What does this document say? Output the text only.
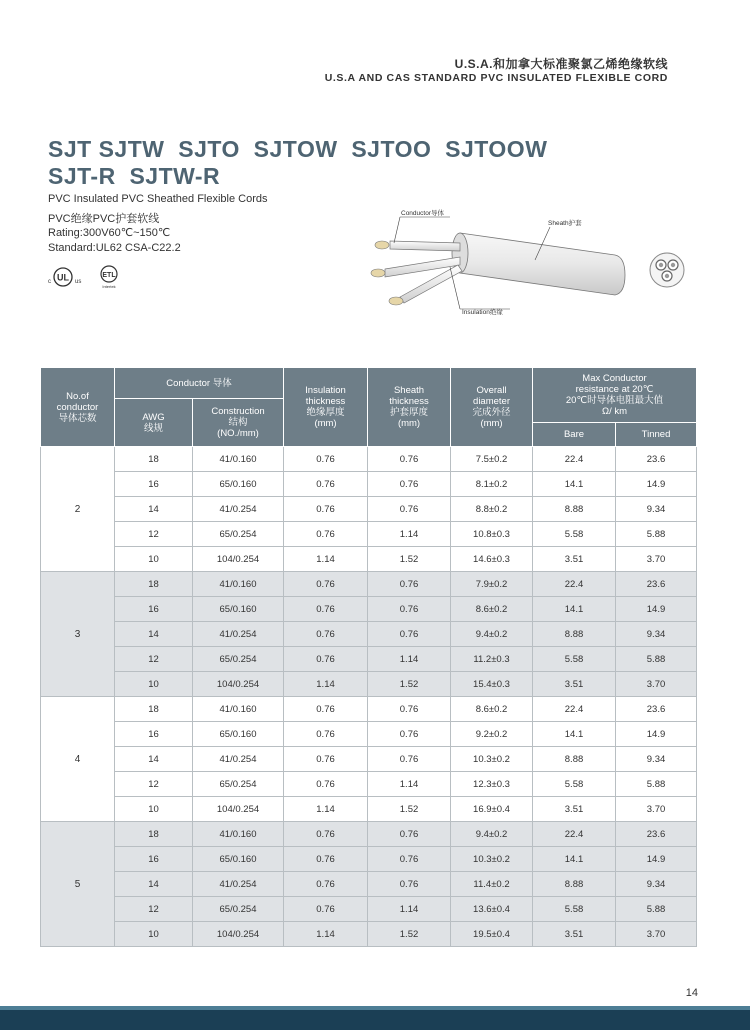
U.S.A.和加拿大标准聚氯乙烯绝缘软线
U.S.A AND CAS STANDARD PVC INSULATED FLEXIBLE CORD
SJT SJTW  SJTO  SJTOW  SJTOO  SJTOOW
SJT-R  SJTW-R
PVC Insulated PVC Sheathed Flexible Cords
PVC绝缘PVC护套软线
Rating:300V60℃~150℃
Standard:UL62 CSA-C22.2
c UL us
ETL
Intertek
Conductor导体
Sheath护套
Insulation绝缘
No.of
conductor
导体芯数	Conductor 导体		Insulation
thickness
绝缘厚度
(mm)	Sheath
thickness
护套厚度
(mm)	Overall
diameter
完成外径
(mm)	Max Conductor
resistance at 20℃
20℃时导体电阻最大值
Ω/ km	
	AWG
线规	Construction
结构
(NO./mm)					
						Bare	Tinned
2	18	41/0.160	0.76	0.76	7.5±0.2	22.4	23.6
	16	65/0.160	0.76	0.76	8.1±0.2	14.1	14.9
	14	41/0.254	0.76	0.76	8.8±0.2	8.88	9.34
	12	65/0.254	0.76	1.14	10.8±0.3	5.58	5.88
	10	104/0.254	1.14	1.52	14.6±0.3	3.51	3.70
3	18	41/0.160	0.76	0.76	7.9±0.2	22.4	23.6
	16	65/0.160	0.76	0.76	8.6±0.2	14.1	14.9
	14	41/0.254	0.76	0.76	9.4±0.2	8.88	9.34
	12	65/0.254	0.76	1.14	11.2±0.3	5.58	5.88
	10	104/0.254	1.14	1.52	15.4±0.3	3.51	3.70
4	18	41/0.160	0.76	0.76	8.6±0.2	22.4	23.6
	16	65/0.160	0.76	0.76	9.2±0.2	14.1	14.9
	14	41/0.254	0.76	0.76	10.3±0.2	8.88	9.34
	12	65/0.254	0.76	1.14	12.3±0.3	5.58	5.88
	10	104/0.254	1.14	1.52	16.9±0.4	3.51	3.70
5	18	41/0.160	0.76	0.76	9.4±0.2	22.4	23.6
	16	65/0.160	0.76	0.76	10.3±0.2	14.1	14.9
	14	41/0.254	0.76	0.76	11.4±0.2	8.88	9.34
	12	65/0.254	0.76	1.14	13.6±0.4	5.58	5.88
	10	104/0.254	1.14	1.52	19.5±0.4	3.51	3.70
14
